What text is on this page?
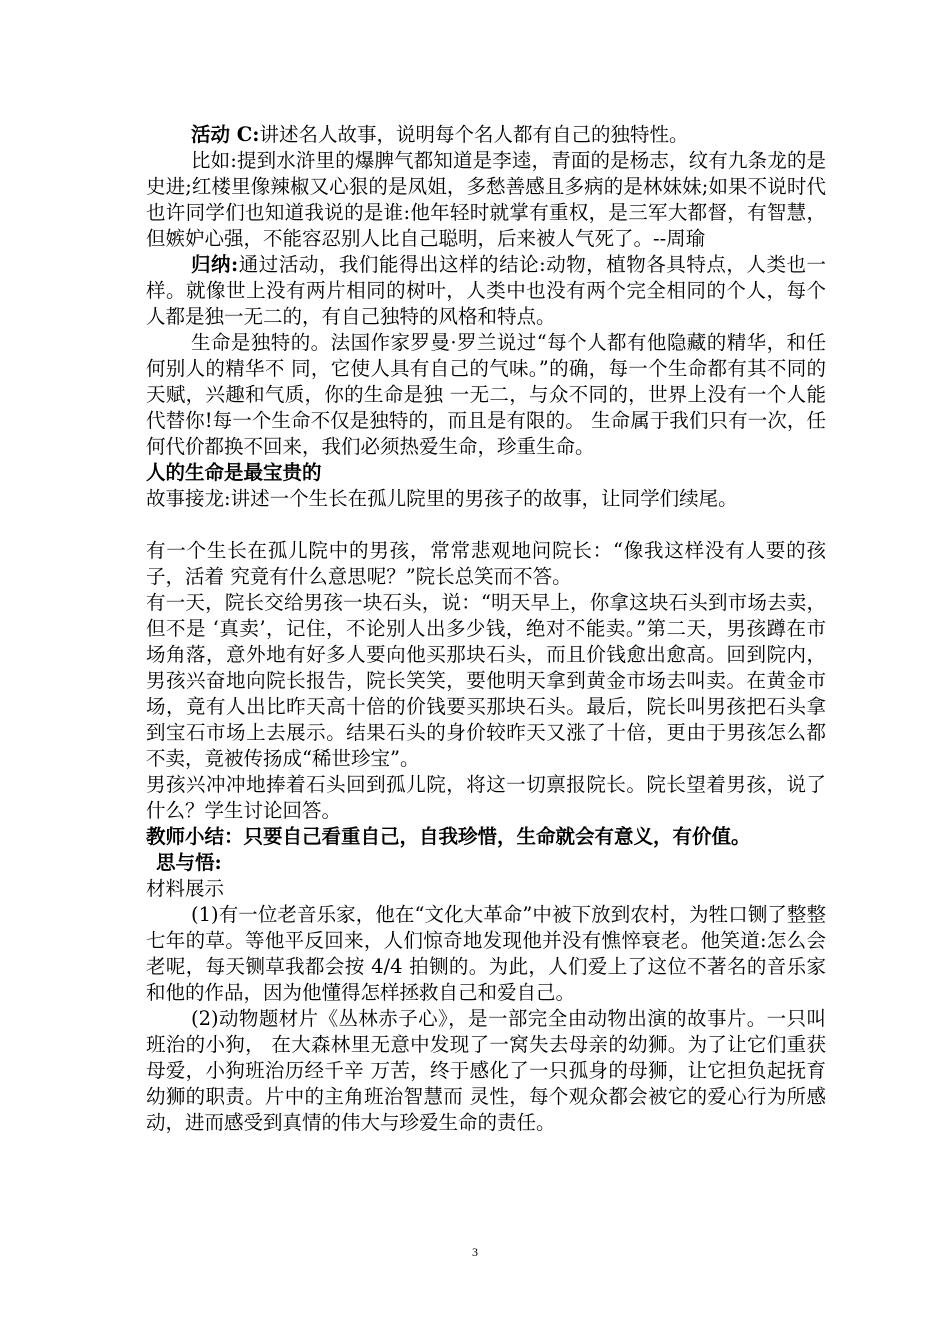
活动 C:讲述名人故事，说明每个名人都有自己的独特性。

比如:提到水浒里的爆脾气都知道是李逵，青面的是杨志，纹有九条龙的是史进;红楼里像辣椒又心狠的是凤姐，多愁善感且多病的是林妹妹;如果不说时代也许同学们也知道我说的是谁:他年轻时就掌有重权，是三军大都督，有智慧，但嫉妒心强，不能容忍别人比自己聪明，后来被人气死了。--周瑜

归纳:通过活动，我们能得出这样的结论:动物，植物各具特点，人类也一样。就像世上没有两片相同的树叶，人类中也没有两个完全相同的个人，每个人都是独一无二的，有自己独特的风格和特点。

生命是独特的。法国作家罗曼·罗兰说过“每个人都有他隐藏的精华，和任何别人的精华不 同，它使人具有自己的气味。”的确，每一个生命都有其不同的天赋，兴趣和气质，你的生命是独 一无二，与众不同的，世界上没有一个人能代替你!每一个生命不仅是独特的，而且是有限的。 生命属于我们只有一次，任何代价都换不回来，我们必须热爱生命，珍重生命。

人的生命是最宝贵的

故事接龙:讲述一个生长在孤儿院里的男孩子的故事，让同学们续尾。

有一个生长在孤儿院中的男孩，常常悲观地问院长：“像我这样没有人要的孩子，活着 究竟有什么意思呢？”院长总笑而不答。

有一天，院长交给男孩一块石头，说：“明天早上，你拿这块石头到市场去卖，但不是 ‘真卖’，记住，不论别人出多少钱，绝对不能卖。”第二天，男孩蹲在市场角落，意外地有好多人要向他买那块石头，而且价钱愈出愈高。回到院内，男孩兴奋地向院长报告，院长笑笑，要他明天拿到黄金市场去叫卖。在黄金市场，竟有人出比昨天高十倍的价钱要买那块石头。最后，院长叫男孩把石头拿到宝石市场上去展示。结果石头的身价较昨天又涨了十倍，更由于男孩怎么都不卖，竟被传扬成“稀世珍宝”。

男孩兴冲冲地捧着石头回到孤儿院，将这一切禀报院长。院长望着男孩，说了什么？学生讨论回答。

教师小结：只要自己看重自己，自我珍惜，生命就会有意义，有价值。

思与悟:

材料展示

(1)有一位老音乐家，他在“文化大革命”中被下放到农村，为牲口铡了整整七年的草。等他平反回来，人们惊奇地发现他并没有憔悴衰老。他笑道:怎么会老呢，每天铡草我都会按 4/4 拍铡的。为此，人们爱上了这位不著名的音乐家和他的作品，因为他懂得怎样拯救自己和爱自己。

(2)动物题材片《丛林赤子心》，是一部完全由动物出演的故事片。一只叫班治的小狗， 在大森林里无意中发现了一窝失去母亲的幼狮。为了让它们重获母爱，小狗班治历经千辛 万苦，终于感化了一只孤身的母狮，让它担负起抚育幼狮的职责。片中的主角班治智慧而 灵性，每个观众都会被它的爱心行为所感动，进而感受到真情的伟大与珍爱生命的责任。

3
